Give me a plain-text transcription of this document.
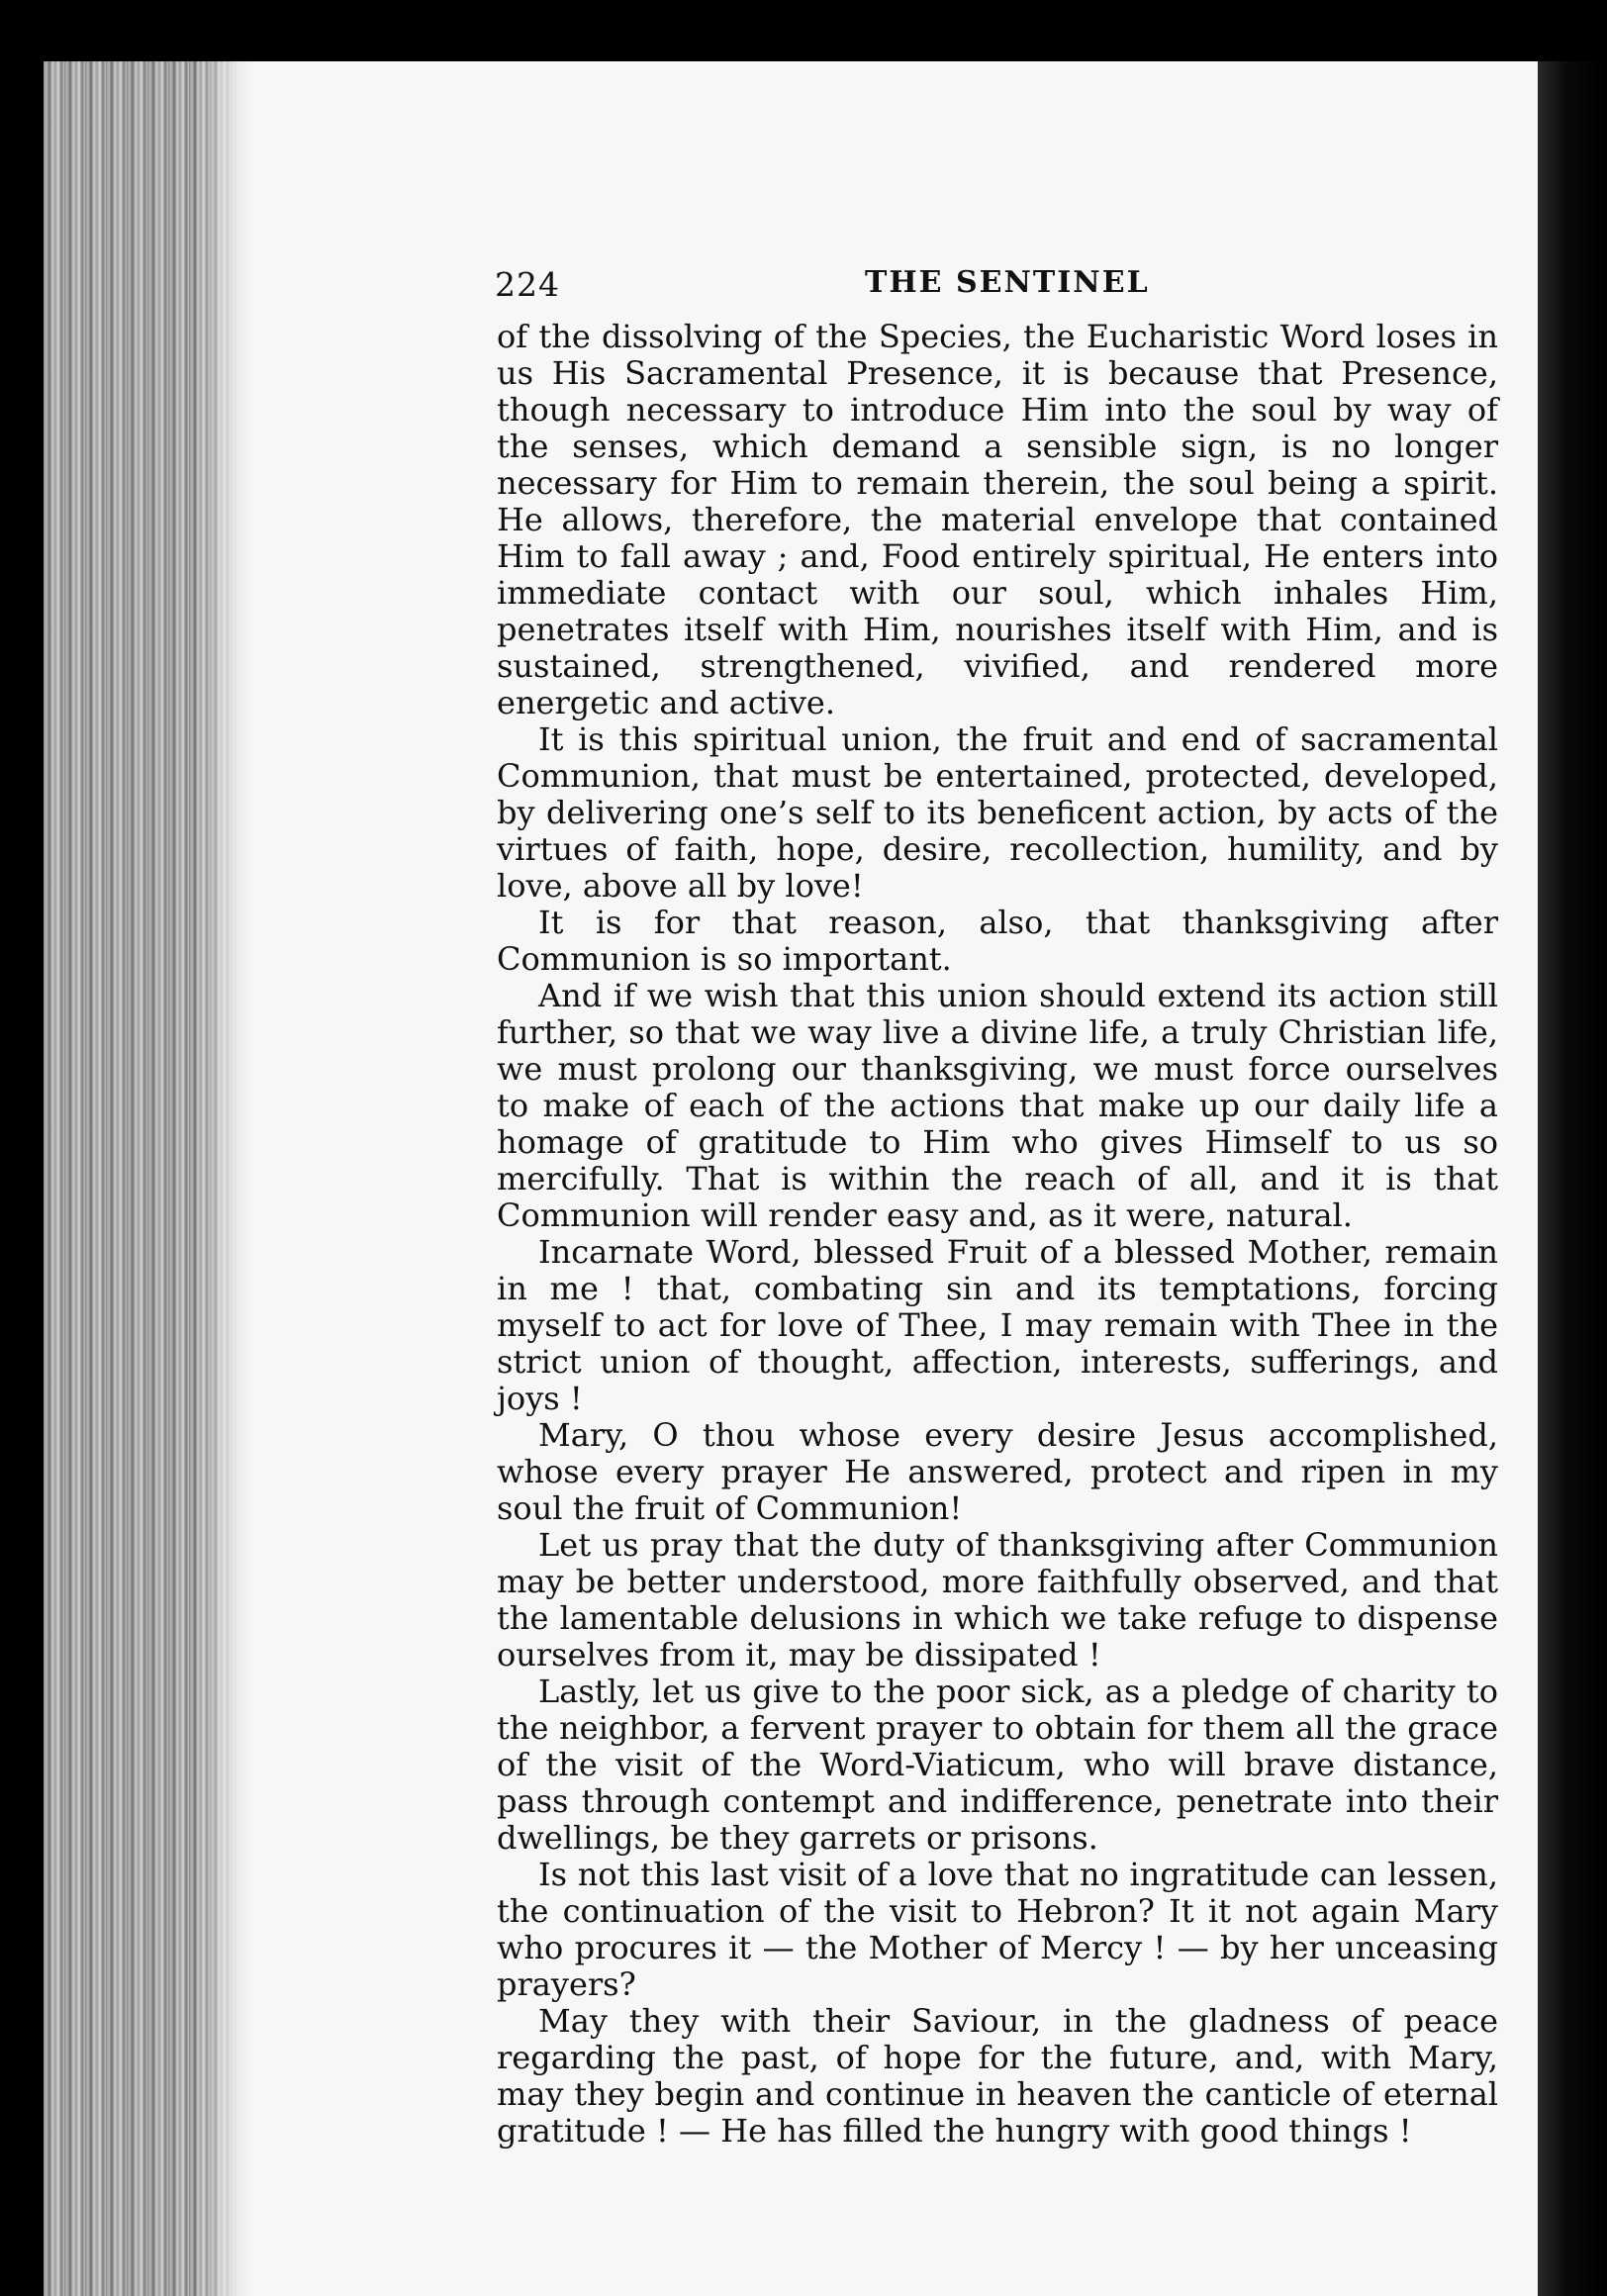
224	THE SENTINEL

of the dissolving of the Species, the Eucharistic Word loses in us His Sacramental Presence, it is because that Presence, though necessary to introduce Him into the soul by way of the senses, which demand a sensible sign, is no longer necessary for Him to remain therein, the soul being a spirit. He allows, therefore, the material envelope that contained Him to fall away ; and, Food entirely spiritual, He enters into immediate contact with our soul, which inhales Him, penetrates itself with Him, nourishes itself with Him, and is sustained, strengthened, vivified, and rendered more energetic and active.

It is this spiritual union, the fruit and end of sacramental Communion, that must be entertained, protected, developed, by delivering one’s self to its beneficent action, by acts of the virtues of faith, hope, desire, recollection, humility, and by love, above all by love!

It is for that reason, also, that thanksgiving after Communion is so important.

And if we wish that this union should extend its action still further, so that we way live a divine life, a truly Christian life, we must prolong our thanksgiving, we must force ourselves to make of each of the actions that make up our daily life a homage of gratitude to Him who gives Himself to us so mercifully. That is within the reach of all, and it is that Communion will render easy and, as it were, natural.

Incarnate Word, blessed Fruit of a blessed Mother, remain in me ! that, combating sin and its temptations, forcing myself to act for love of Thee, I may remain with Thee in the strict union of thought, affection, interests, sufferings, and joys !

Mary, O thou whose every desire Jesus accomplished, whose every prayer He answered, protect and ripen in my soul the fruit of Communion!

Let us pray that the duty of thanksgiving after Communion may be better understood, more faithfully observed, and that the lamentable delusions in which we take refuge to dispense ourselves from it, may be dissipated !

Lastly, let us give to the poor sick, as a pledge of charity to the neighbor, a fervent prayer to obtain for them all the grace of the visit of the Word-Viaticum, who will brave distance, pass through contempt and indifference, penetrate into their dwellings, be they garrets or prisons.

Is not this last visit of a love that no ingratitude can lessen, the continuation of the visit to Hebron? It it not again Mary who procures it — the Mother of Mercy ! — by her unceasing prayers?

May they with their Saviour, in the gladness of peace regarding the past, of hope for the future, and, with Mary, may they begin and continue in heaven the canticle of eternal gratitude ! — He has filled the hungry with good things !
